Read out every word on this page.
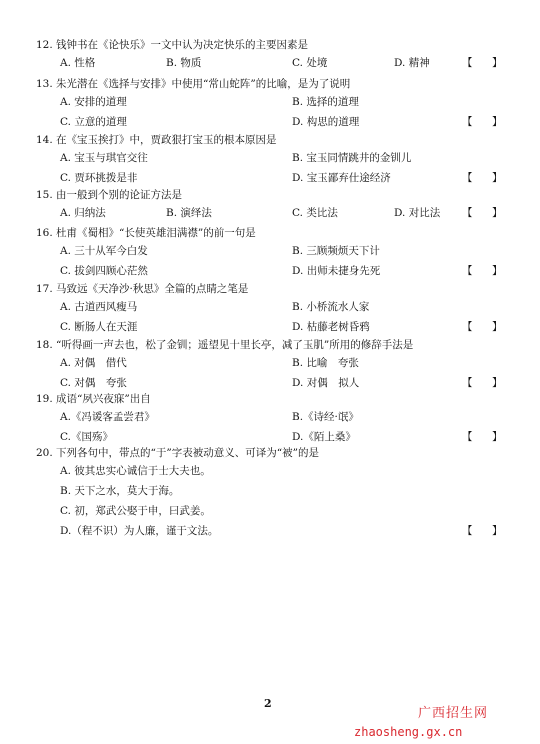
12. 钱钟书在《论快乐》一文中认为决定快乐的主要因素是
A. 性格	B. 物质	C. 处境	D. 精神	【 】
13. 朱光潜在《选择与安排》中使用“常山蛇阵”的比喻，是为了说明
A. 安排的道理	B. 选择的道理
C. 立意的道理	D. 构思的道理	【 】
14. 在《宝玉挨打》中，贾政狠打宝玉的根本原因是
A. 宝玉与琪官交往	B. 宝玉同情跳井的金钏儿
C. 贾环挑拨是非	D. 宝玉鄙弃仕途经济	【 】
15. 由一般到个别的论证方法是
A. 归纳法	B. 演绎法	C. 类比法	D. 对比法 【 】
16. 杜甫《蜀相》“长使英雄泪满襟”的前一句是
A. 三十从军今白发	B. 三顾频烦天下计
C. 拔剑四顾心茫然	D. 出师未捷身先死	【 】
17. 马致远《天净沙·秋思》全篇的点睛之笔是
A. 古道西风瘦马	B. 小桥流水人家
C. 断肠人在天涯	D. 枯藤老树昏鸦	【 】
18. “听得画一声去也，松了金钏；遥望见十里长亭，减了玉肌”所用的修辞手法是
A. 对偶　借代	B. 比喻　夸张
C. 对偶　夸张	D. 对偶　拟人	【 】
19. 成语“夙兴夜寐”出自
A.《冯谖客孟尝君》	B.《诗经·氓》
C.《国殇》	D.《陌上桑》	【 】
20. 下列各句中，带点的“于”字表被动意义、可译为“被”的是
A. 彼其忠实心诚信于士大夫也。
B. 天下之水，莫大于海。
C. 初，郑武公娶于申，曰武姜。
D.（程不识）为人廉，谨于文法。	【 】
2
广西招生网
zhaosheng.gx.cn
